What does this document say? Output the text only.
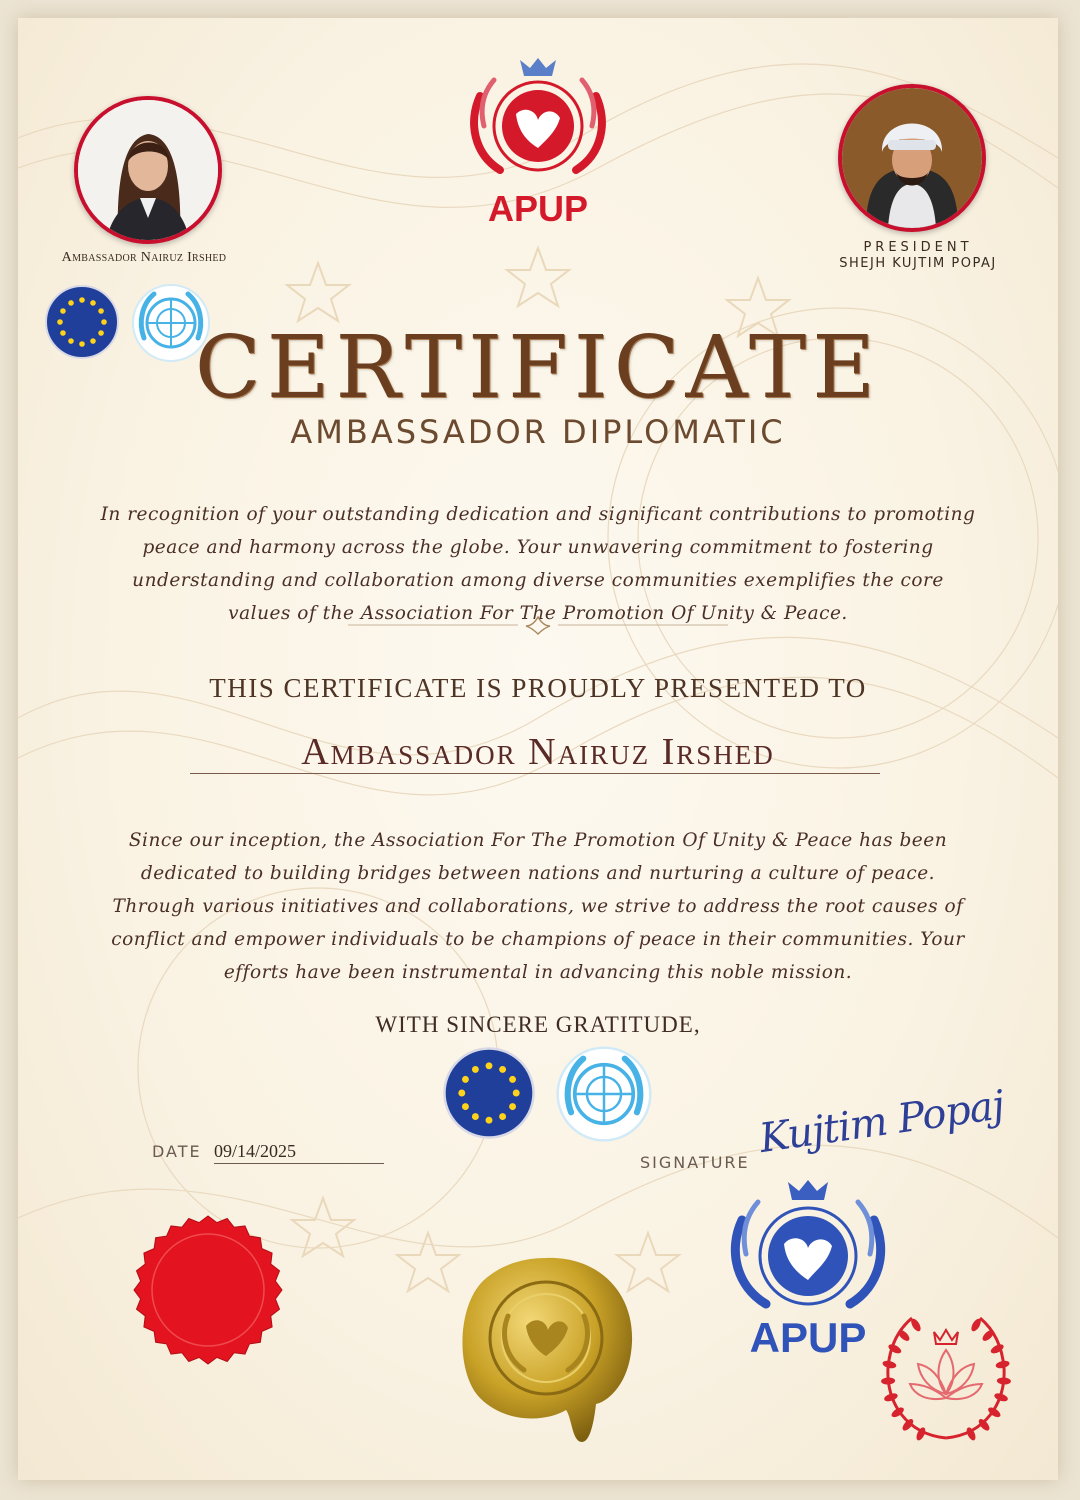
Ambassador Nairuz Irshed
APUP
PRESIDENT
SHEJH KUJTIM POPAJ
CERTIFICATE
AMBASSADOR DIPLOMATIC
In recognition of your outstanding dedication and significant contributions to promoting peace and harmony across the globe. Your unwavering commitment to fostering understanding and collaboration among diverse communities exemplifies the core values of the Association For The Promotion Of Unity & Peace.
THIS CERTIFICATE IS PROUDLY PRESENTED TO
Ambassador Nairuz Irshed
Since our inception, the Association For The Promotion Of Unity & Peace has been dedicated to building bridges between nations and nurturing a culture of peace. Through various initiatives and collaborations, we strive to address the root causes of conflict and empower individuals to be champions of peace in their communities. Your efforts have been instrumental in advancing this noble mission.
WITH SINCERE GRATITUDE,
DATE 09/14/2025
SIGNATURE
Kujtim Popaj
APUP
